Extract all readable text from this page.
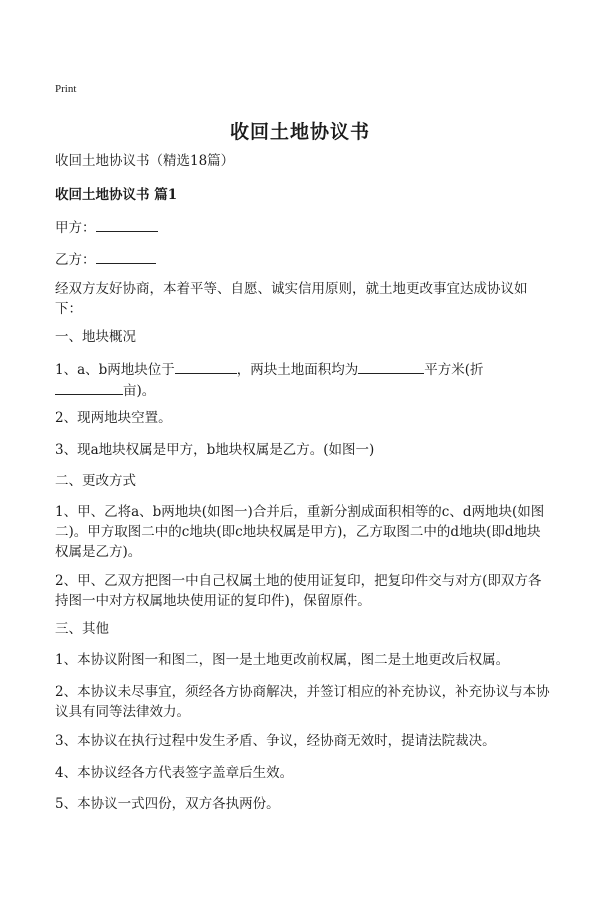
Print
收回土地协议书
收回土地协议书（精选18篇）
收回土地协议书 篇1
甲方：
乙方：
经双方友好协商，本着平等、自愿、诚实信用原则，就土地更改事宜达成协议如下：
一、地块概况
1、a、b两地块位于	，两块土地面积均为	平方米(折
亩)。
2、现两地块空置。
3、现a地块权属是甲方，b地块权属是乙方。(如图一)
二、更改方式
1、甲、乙将a、b两地块(如图一)合并后，重新分割成面积相等的c、d两地块(如图二)。甲方取图二中的c地块(即c地块权属是甲方)，乙方取图二中的d地块(即d地块权属是乙方)。
2、甲、乙双方把图一中自己权属土地的使用证复印，把复印件交与对方(即双方各持图一中对方权属地块使用证的复印件)，保留原件。
三、其他
1、本协议附图一和图二，图一是土地更改前权属，图二是土地更改后权属。
2、本协议未尽事宜，须经各方协商解决，并签订相应的补充协议，补充协议与本协议具有同等法律效力。
3、本协议在执行过程中发生矛盾、争议，经协商无效时，提请法院裁决。
4、本协议经各方代表签字盖章后生效。
5、本协议一式四份，双方各执两份。
